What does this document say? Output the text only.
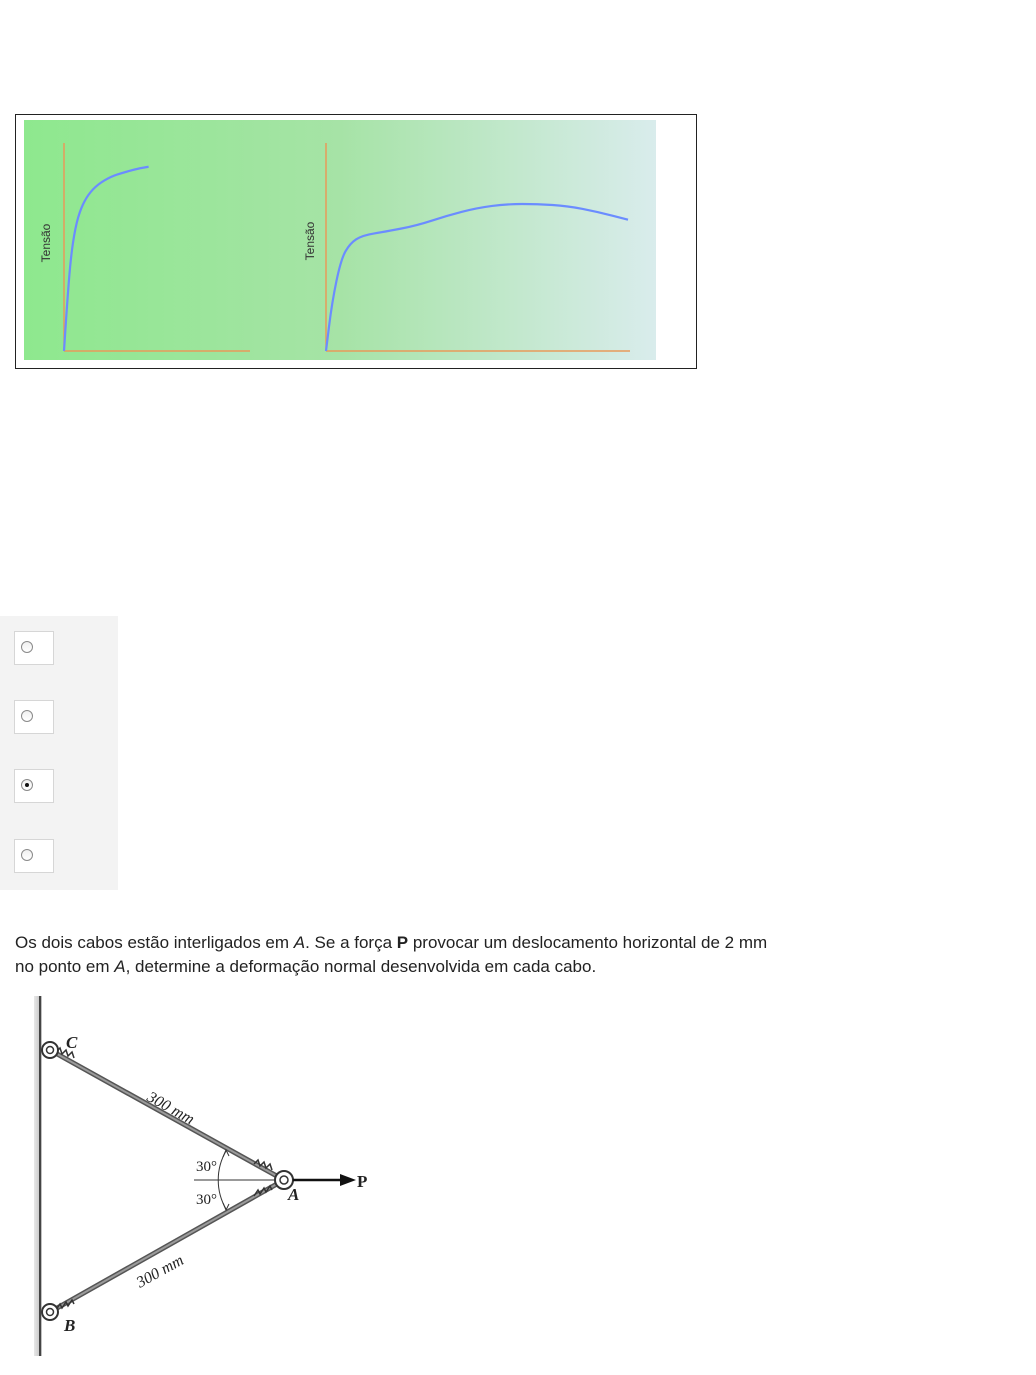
Tensão	Tensão
Os dois cabos estão interligados em A. Se a força P provocar um deslocamento horizontal de 2 mm
no ponto em A, determine a deformação normal desenvolvida em cada cabo.
C
B
A
P
300 mm
300 mm
30°
30°
